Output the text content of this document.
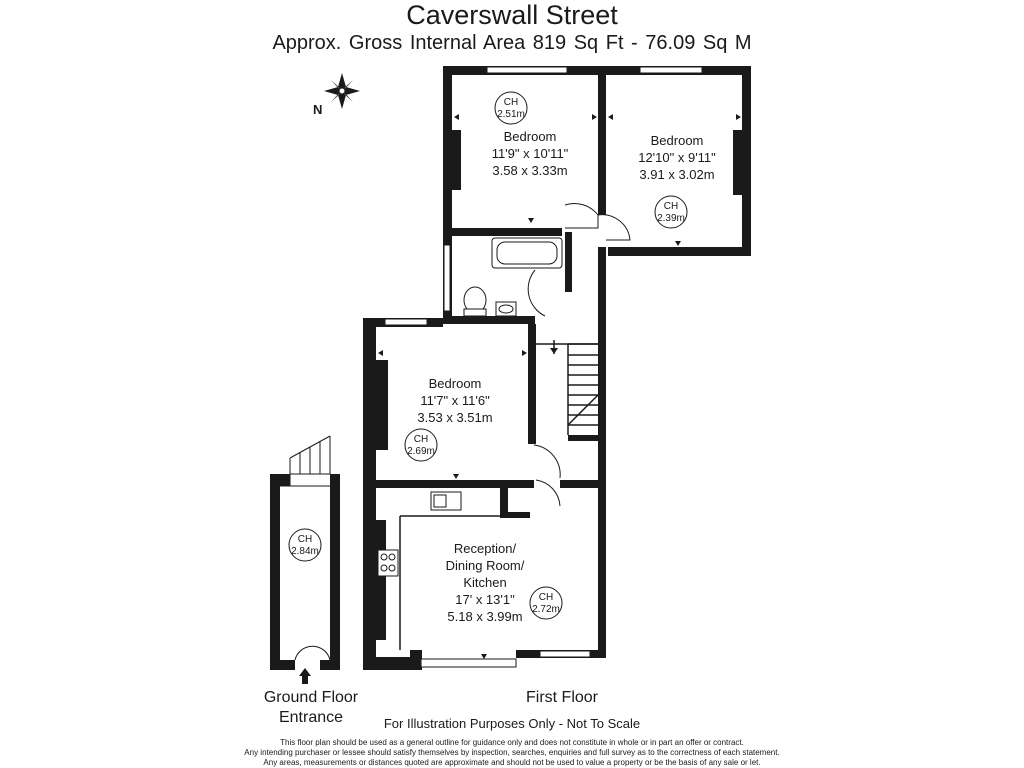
Caverswall Street
Approx. Gross Internal Area 819 Sq Ft - 76.09 Sq M
N
Bedroom
11'9" x 10'11"
3.58 x 3.33m
CH
2.51m
Bedroom
12'10" x 9'11"
3.91 x 3.02m
CH
2.39m
Bedroom
11'7" x 11'6"
3.53 x 3.51m
CH
2.69m
Reception/
Dining Room/
Kitchen
17' x 13'1"
5.18 x 3.99m
CH
2.72m
CH
2.84m
Ground Floor
Entrance
First Floor
For Illustration Purposes Only - Not To Scale
This floor plan should be used as a general outline for guidance only and does not constitute in whole or in part an offer or contract.
Any intending purchaser or lessee should satisfy themselves by inspection, searches, enquiries and full survey as to the correctness of each statement.
Any areas, measurements or distances quoted are approximate and should not be used to value a property or be the basis of any sale or let.
